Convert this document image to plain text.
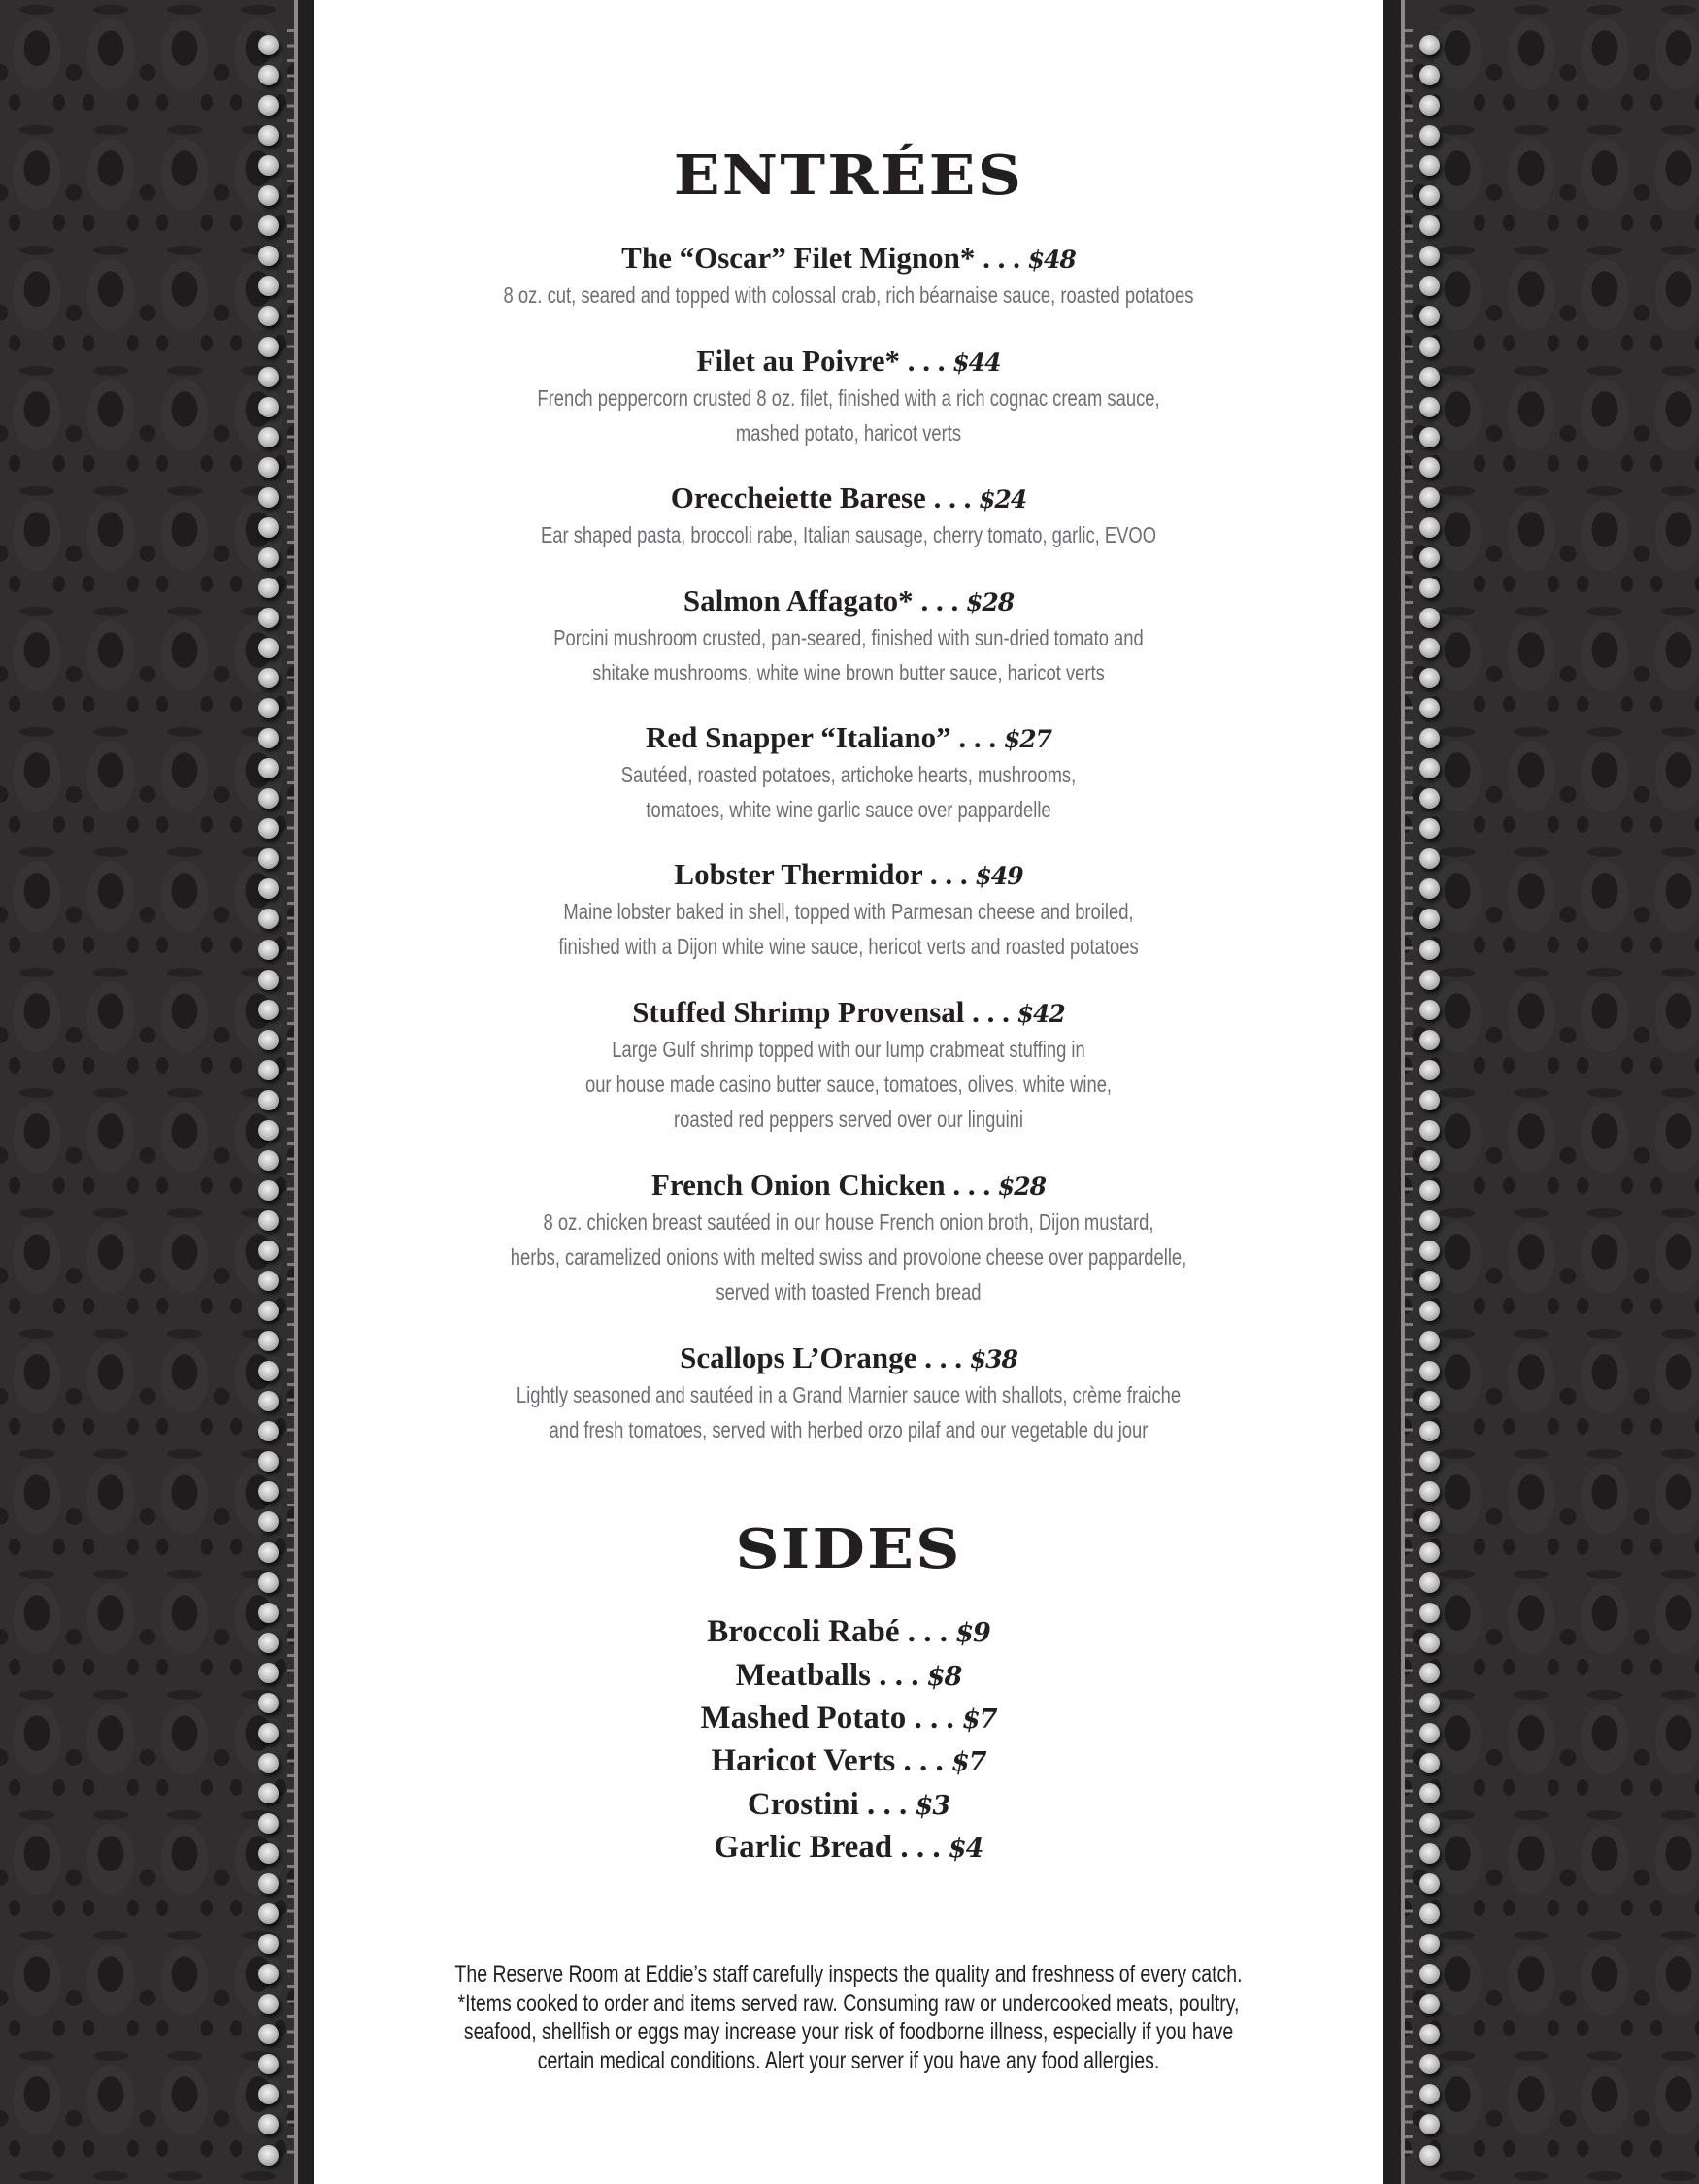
ENTRÉES
The “Oscar” Filet Mignon* . . . $48
8 oz. cut, seared and topped with colossal crab, rich béarnaise sauce, roasted potatoes
Filet au Poivre* . . . $44
French peppercorn crusted 8 oz. filet, finished with a rich cognac cream sauce,
mashed potato, haricot verts
Oreccheiette Barese . . . $24
Ear shaped pasta, broccoli rabe, Italian sausage, cherry tomato, garlic, EVOO
Salmon Affagato* . . . $28
Porcini mushroom crusted, pan-seared, finished with sun-dried tomato and
shitake mushrooms, white wine brown butter sauce, haricot verts
Red Snapper “Italiano” . . . $27
Sautéed, roasted potatoes, artichoke hearts, mushrooms,
tomatoes, white wine garlic sauce over pappardelle
Lobster Thermidor . . . $49
Maine lobster baked in shell, topped with Parmesan cheese and broiled,
finished with a Dijon white wine sauce, hericot verts and roasted potatoes
Stuffed Shrimp Provensal . . . $42
Large Gulf shrimp topped with our lump crabmeat stuffing in
our house made casino butter sauce, tomatoes, olives, white wine,
roasted red peppers served over our linguini
French Onion Chicken . . . $28
8 oz. chicken breast sautéed in our house French onion broth, Dijon mustard,
herbs, caramelized onions with melted swiss and provolone cheese over pappardelle,
served with toasted French bread
Scallops L’Orange . . . $38
Lightly seasoned and sautéed in a Grand Marnier sauce with shallots, crème fraiche
and fresh tomatoes, served with herbed orzo pilaf and our vegetable du jour
SIDES
Broccoli Rabé . . . $9
Meatballs . . . $8
Mashed Potato . . . $7
Haricot Verts . . . $7
Crostini . . . $3
Garlic Bread . . . $4
The Reserve Room at Eddie’s staff carefully inspects the quality and freshness of every catch.
*Items cooked to order and items served raw. Consuming raw or undercooked meats, poultry,
seafood, shellfish or eggs may increase your risk of foodborne illness, especially if you have
certain medical conditions. Alert your server if you have any food allergies.
